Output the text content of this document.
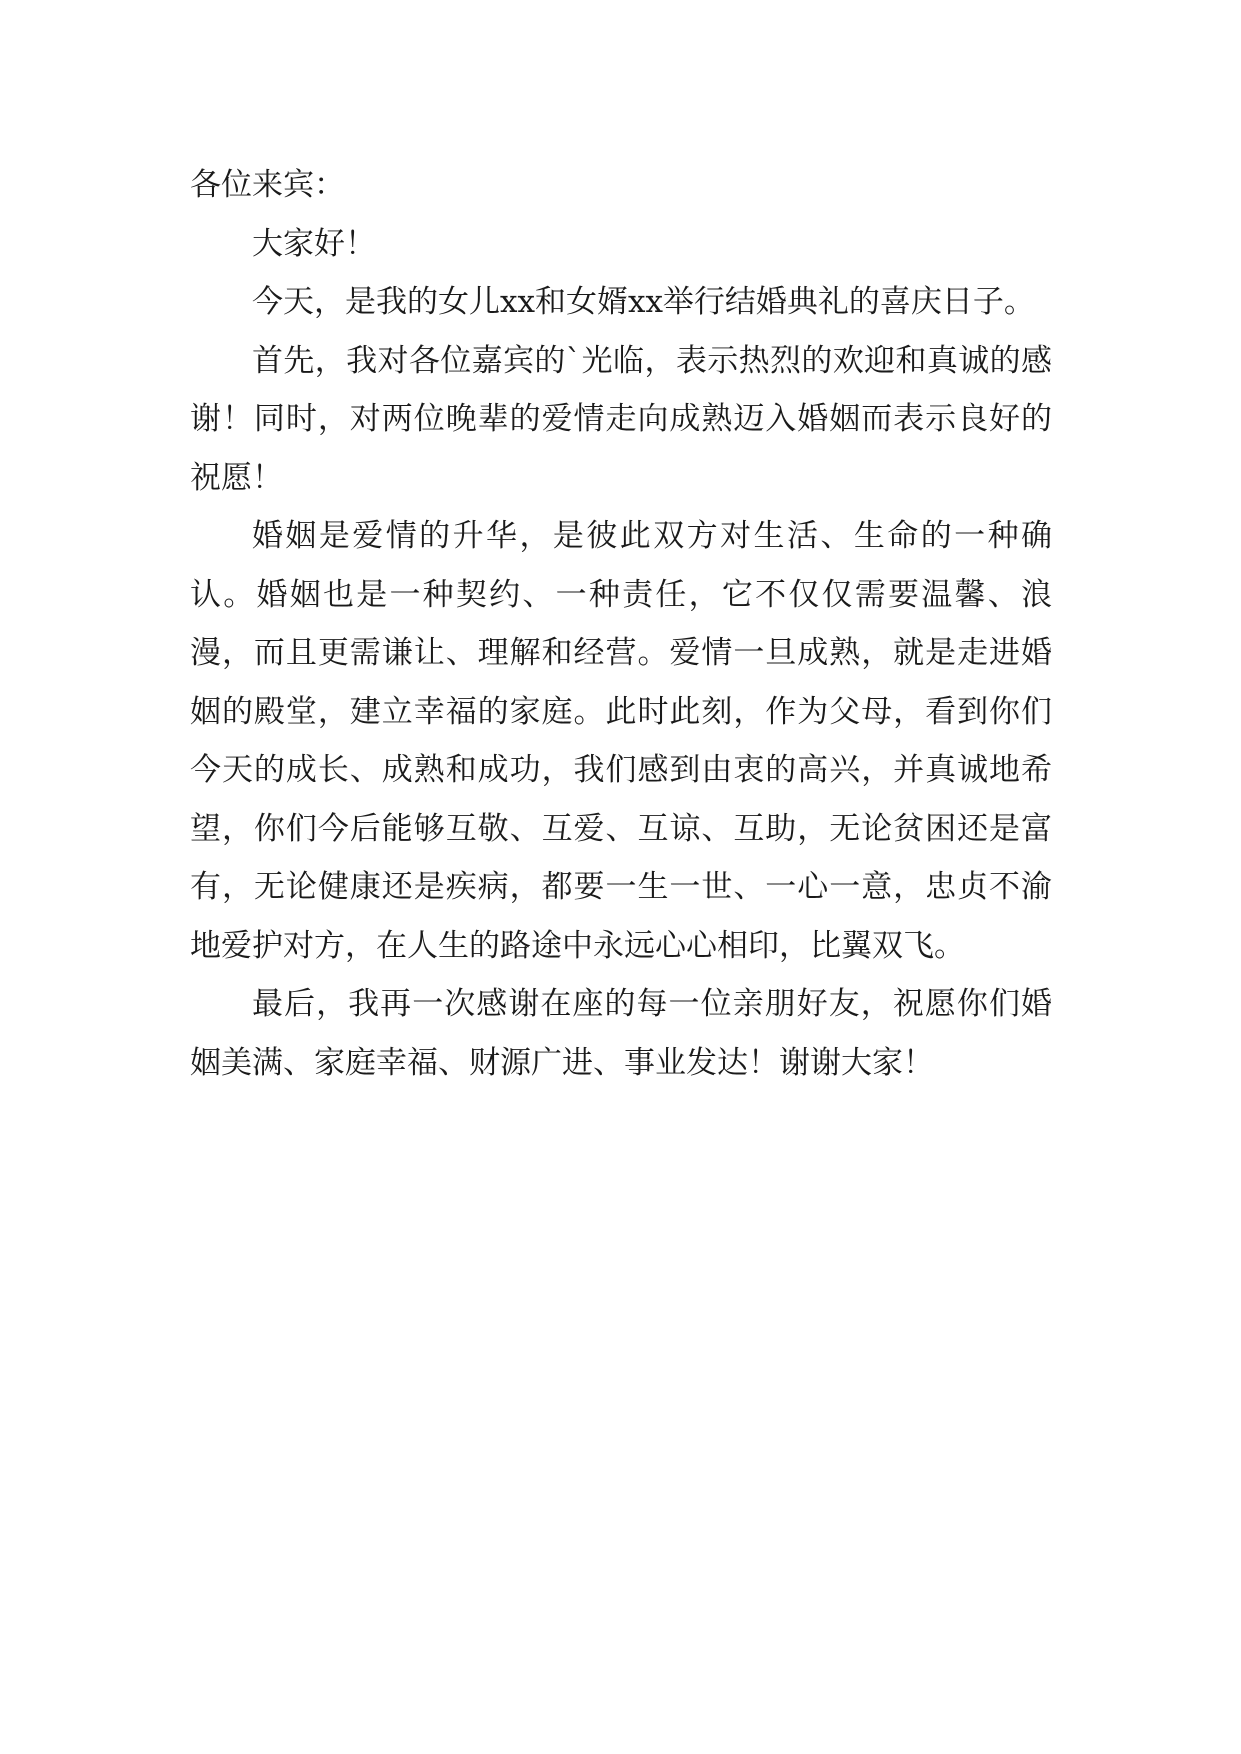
各位来宾：

大家好！

今天，是我的女儿xx和女婿xx举行结婚典礼的喜庆日子。

首先，我对各位嘉宾的`光临，表示热烈的欢迎和真诚的感谢！同时，对两位晚辈的爱情走向成熟迈入婚姻而表示良好的祝愿！

婚姻是爱情的升华，是彼此双方对生活、生命的一种确认。婚姻也是一种契约、一种责任，它不仅仅需要温馨、浪漫，而且更需谦让、理解和经营。爱情一旦成熟，就是走进婚姻的殿堂，建立幸福的家庭。此时此刻，作为父母，看到你们今天的成长、成熟和成功，我们感到由衷的高兴，并真诚地希望，你们今后能够互敬、互爱、互谅、互助，无论贫困还是富有，无论健康还是疾病，都要一生一世、一心一意，忠贞不渝地爱护对方，在人生的路途中永远心心相印，比翼双飞。

最后，我再一次感谢在座的每一位亲朋好友，祝愿你们婚姻美满、家庭幸福、财源广进、事业发达！谢谢大家！
